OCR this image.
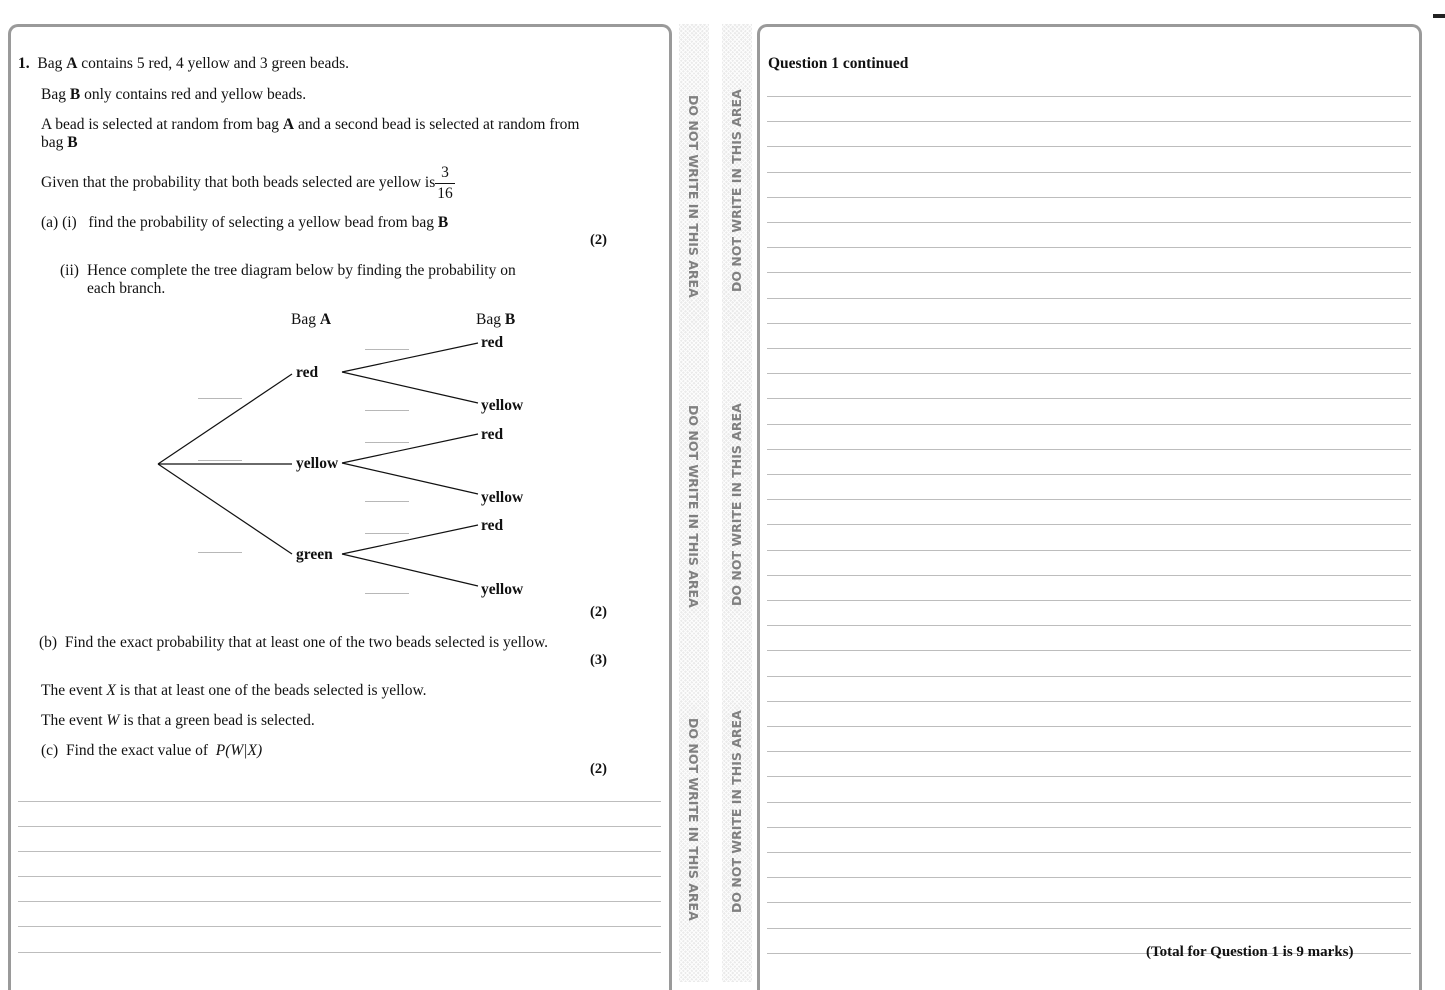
1. Bag A contains 5 red, 4 yellow and 3 green beads.
Bag B only contains red and yellow beads.
A bead is selected at random from bag A and a second bead is selected at random from
bag B
Given that the probability that both beads selected are yellow is
3
16
(a) (i) find the probability of selecting a yellow bead from bag B
(2)
(ii) Hence complete the tree diagram below by finding the probability on
each branch.
Bag A	Bag B
red
yellow
green
red
yellow
red
yellow
red
yellow
......................
......................
......................
......................
......................
......................
......................
......................
......................
(2)
(b) Find the exact probability that at least one of the two beads selected is yellow.
(3)
The event X is that at least one of the beads selected is yellow.
The event W is that a green bead is selected.
(c) Find the exact value of P(W|X)
(2)
DO NOT WRITE IN THIS AREA
DO NOT WRITE IN THIS AREA
DO NOT WRITE IN THIS AREA
DO NOT WRITE IN THIS AREA
DO NOT WRITE IN THIS AREA
DO NOT WRITE IN THIS AREA
Question 1 continued
(Total for Question 1 is 9 marks)
